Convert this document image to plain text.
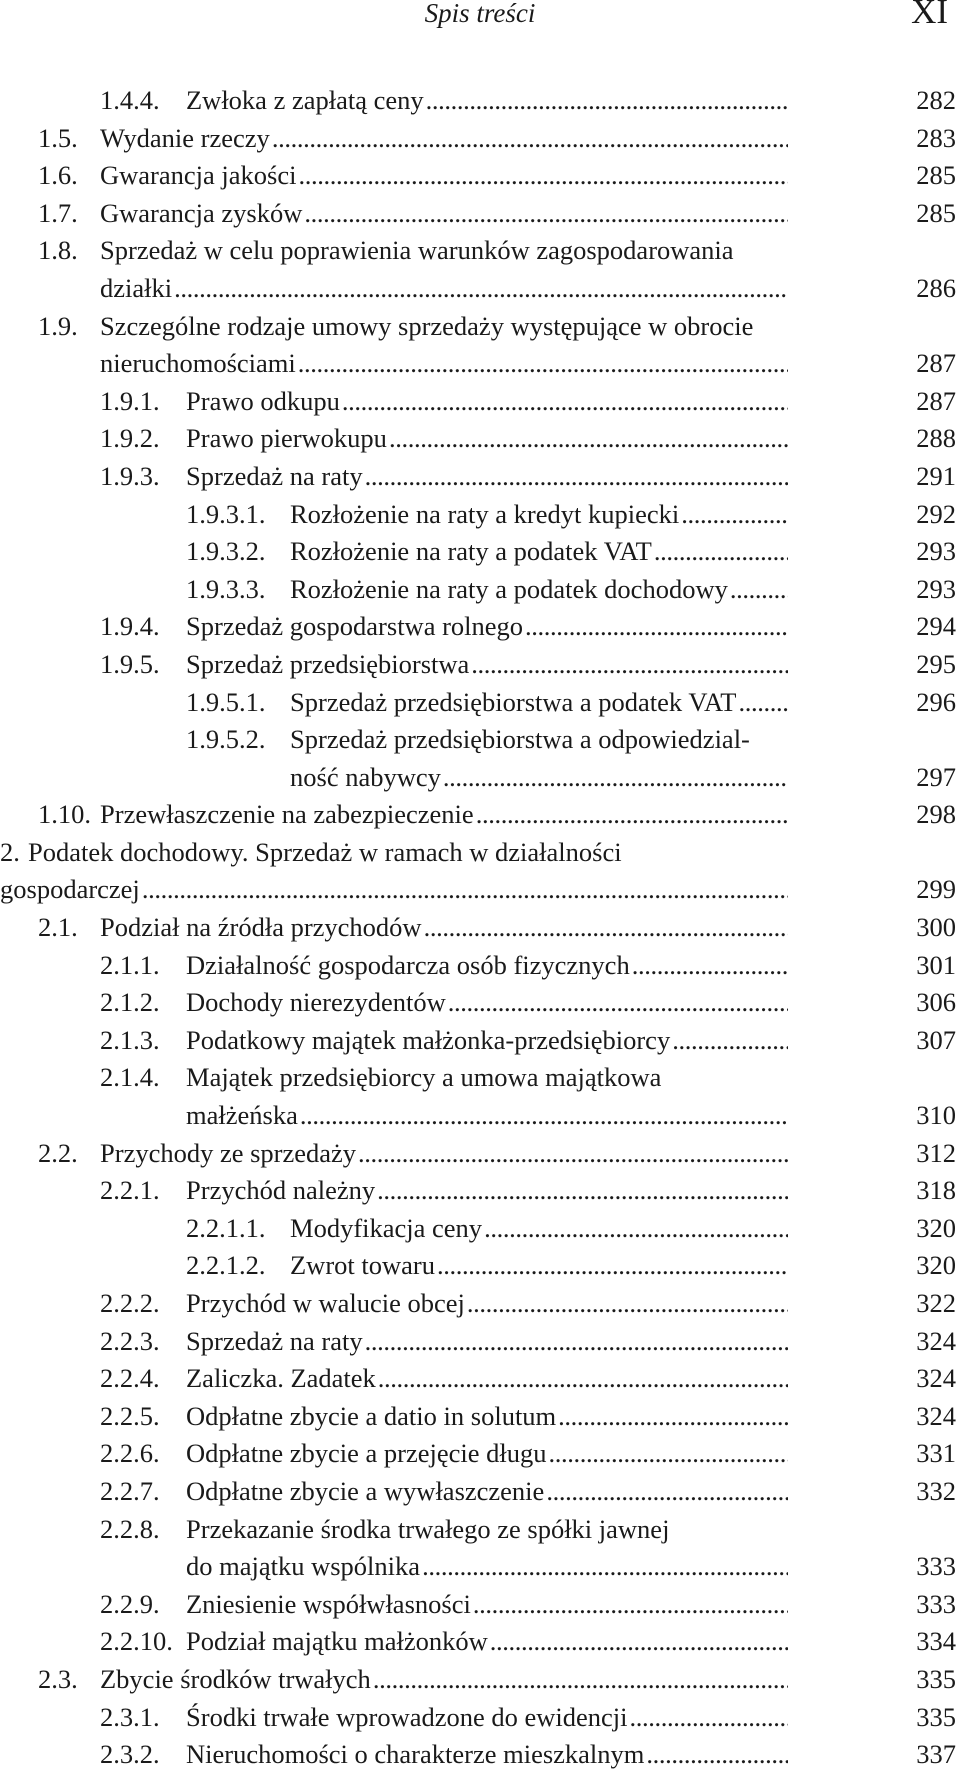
Spis treści	XI
1.4.4. Zwłoka z zapłatą ceny . . .	282
1.5. Wydanie rzeczy . . .	283
1.6. Gwarancja jakości . . .	285
1.7. Gwarancja zysków . . .	285
1.8. Sprzedaż w celu poprawienia warunków zagospodarowania
działki . . .	286
1.9. Szczególne rodzaje umowy sprzedaży występujące w obrocie
nieruchomościami . . .	287
1.9.1. Prawo odkupu . . .	287
1.9.2. Prawo pierwokupu . . .	288
1.9.3. Sprzedaż na raty . . .	291
1.9.3.1. Rozłożenie na raty a kredyt kupiecki . . .	292
1.9.3.2. Rozłożenie na raty a podatek VAT . . .	293
1.9.3.3. Rozłożenie na raty a podatek dochodowy . . .	293
1.9.4. Sprzedaż gospodarstwa rolnego . . .	294
1.9.5. Sprzedaż przedsiębiorstwa . . .	295
1.9.5.1. Sprzedaż przedsiębiorstwa a podatek VAT . . .	296
1.9.5.2. Sprzedaż przedsiębiorstwa a odpowiedzial-
ność nabywcy . . .	297
1.10. Przewłaszczenie na zabezpieczenie . . .	298
2. Podatek dochodowy. Sprzedaż w ramach w działalności
gospodarczej . . .	299
2.1. Podział na źródła przychodów . . .	300
2.1.1. Działalność gospodarcza osób fizycznych . . .	301
2.1.2. Dochody nierezydentów . . .	306
2.1.3. Podatkowy majątek małżonka-przedsiębiorcy . . .	307
2.1.4. Majątek przedsiębiorcy a umowa majątkowa
małżeńska . . .	310
2.2. Przychody ze sprzedaży . . .	312
2.2.1. Przychód należny . . .	318
2.2.1.1. Modyfikacja ceny . . .	320
2.2.1.2. Zwrot towaru . . .	320
2.2.2. Przychód w walucie obcej . . .	322
2.2.3. Sprzedaż na raty . . .	324
2.2.4. Zaliczka. Zadatek . . .	324
2.2.5. Odpłatne zbycie a datio in solutum . . .	324
2.2.6. Odpłatne zbycie a przejęcie długu . . .	331
2.2.7. Odpłatne zbycie a wywłaszczenie . . .	332
2.2.8. Przekazanie środka trwałego ze spółki jawnej
do majątku wspólnika . . .	333
2.2.9. Zniesienie współwłasności . . .	333
2.2.10. Podział majątku małżonków . . .	334
2.3. Zbycie środków trwałych . . .	335
2.3.1. Środki trwałe wprowadzone do ewidencji . . .	335
2.3.2. Nieruchomości o charakterze mieszkalnym . . .	337
